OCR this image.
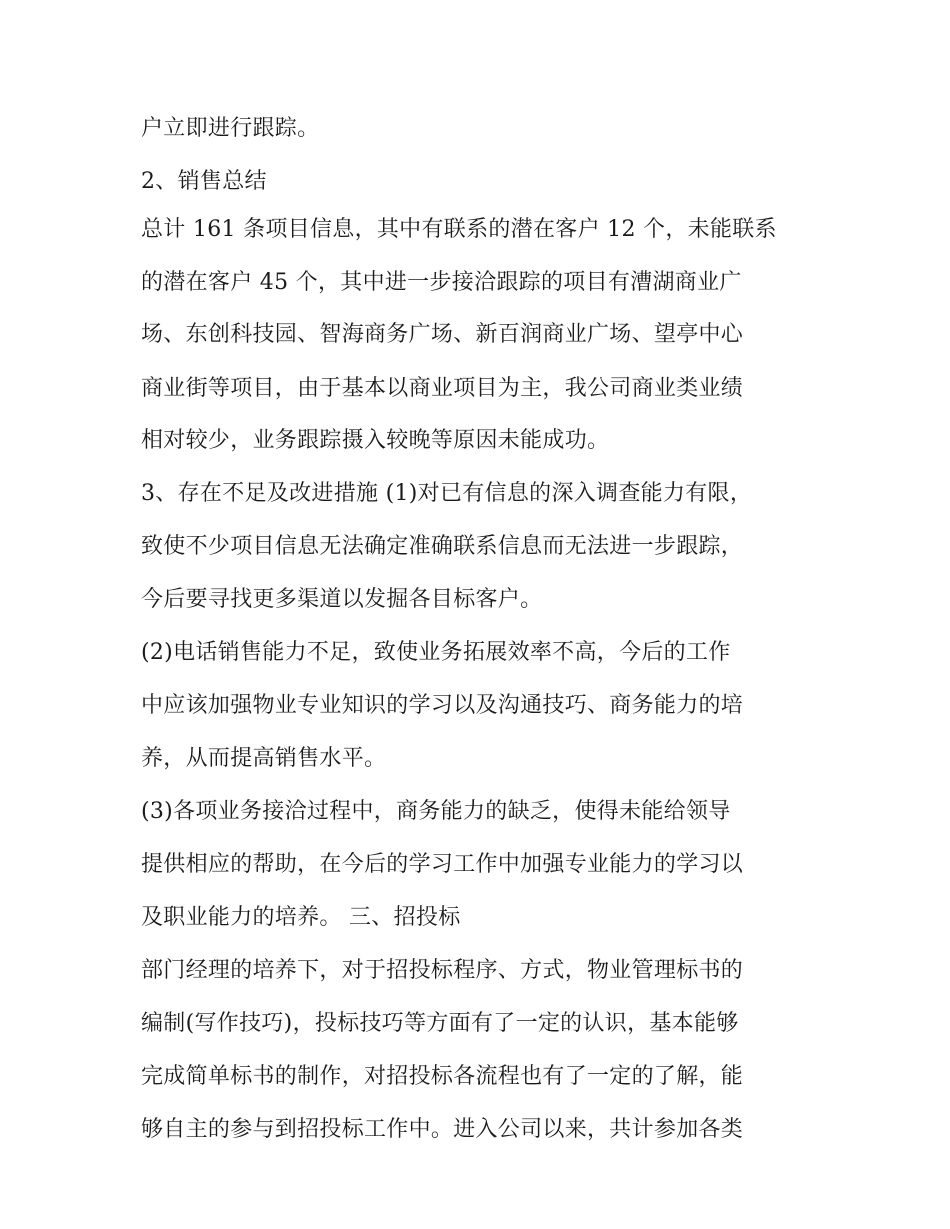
户立即进行跟踪。

2、销售总结

总计 161 条项目信息，其中有联系的潜在客户 12 个，未能联系

的潜在客户 45 个，其中进一步接洽跟踪的项目有漕湖商业广

场、东创科技园、智海商务广场、新百润商业广场、望亭中心

商业街等项目，由于基本以商业项目为主，我公司商业类业绩

相对较少，业务跟踪摄入较晚等原因未能成功。

3、存在不足及改进措施 (1)对已有信息的深入调查能力有限，

致使不少项目信息无法确定准确联系信息而无法进一步跟踪，

今后要寻找更多渠道以发掘各目标客户。

(2)电话销售能力不足，致使业务拓展效率不高，今后的工作

中应该加强物业专业知识的学习以及沟通技巧、商务能力的培

养，从而提高销售水平。

(3)各项业务接洽过程中，商务能力的缺乏，使得未能给领导

提供相应的帮助，在今后的学习工作中加强专业能力的学习以

及职业能力的培养。 三、招投标

部门经理的培养下，对于招投标程序、方式，物业管理标书的

编制(写作技巧)，投标技巧等方面有了一定的认识，基本能够

完成简单标书的制作，对招投标各流程也有了一定的了解，能

够自主的参与到招投标工作中。进入公司以来，共计参加各类
